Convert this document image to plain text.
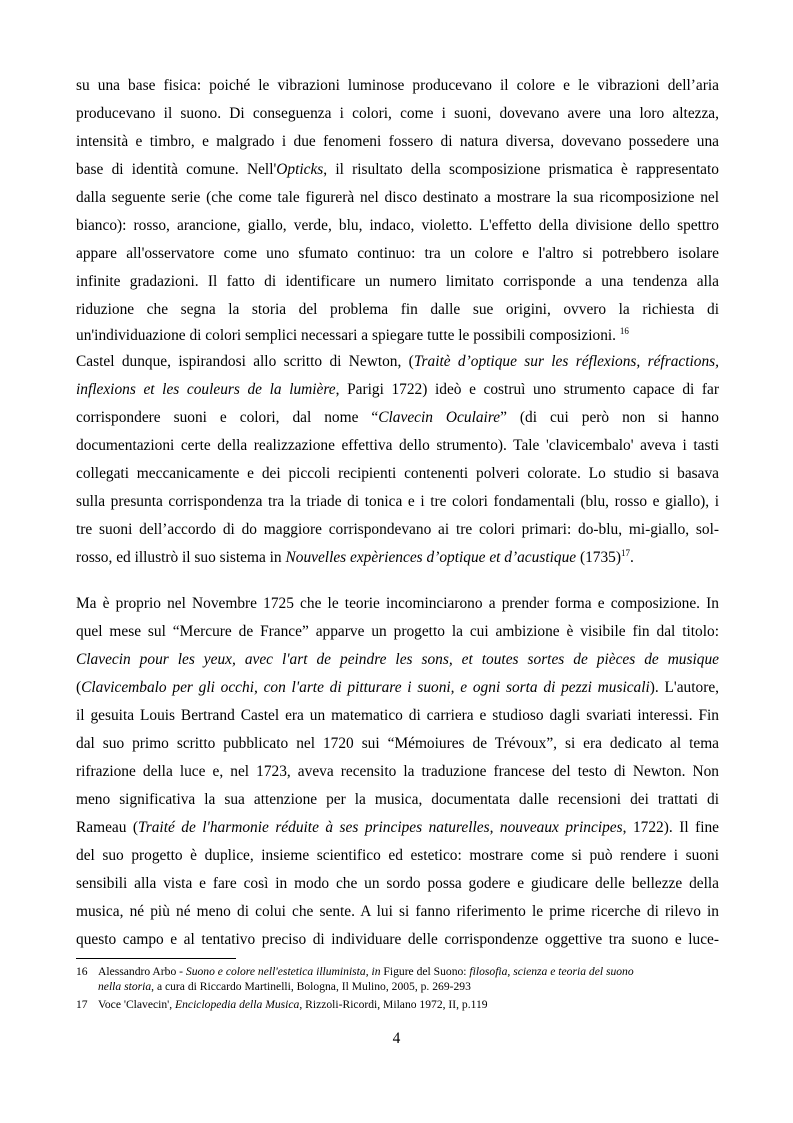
su una base fisica: poiché le vibrazioni luminose producevano il colore e le vibrazioni dell’aria
producevano il suono. Di conseguenza i colori, come i suoni, dovevano avere una loro altezza,
intensità e timbro, e malgrado i due fenomeni fossero di natura diversa, dovevano possedere una
base di identità comune. Nell'Opticks, il risultato della scomposizione prismatica è rappresentato
dalla seguente serie (che come tale figurerà nel disco destinato a mostrare la sua ricomposizione nel
bianco): rosso, arancione, giallo, verde, blu, indaco, violetto. L'effetto della divisione dello spettro
appare all'osservatore come uno sfumato continuo: tra un colore e l'altro si potrebbero isolare
infinite gradazioni. Il fatto di identificare un numero limitato corrisponde a una tendenza alla
riduzione che segna la storia del problema fin dalle sue origini, ovvero la richiesta di
un'individuazione di colori semplici necessari a spiegare tutte le possibili composizioni. $^{16}$
Castel dunque, ispirandosi allo scritto di Newton, (Traitè d’optique sur les réflexions, réfractions,
inflexions et les couleurs de la lumière, Parigi 1722) ideò e costruì uno strumento capace di far
corrispondere suoni e colori, dal nome “Clavecin Oculaire” (di cui però non si hanno
documentazioni certe della realizzazione effettiva dello strumento). Tale 'clavicembalo' aveva i tasti
collegati meccanicamente e dei piccoli recipienti contenenti polveri colorate. Lo studio si basava
sulla presunta corrispondenza tra la triade di tonica e i tre colori fondamentali (blu, rosso e giallo), i
tre suoni dell’accordo di do maggiore corrispondevano ai tre colori primari: do-blu, mi-giallo, sol-
rosso, ed illustrò il suo sistema in Nouvelles expèriences d’optique et d’acustique $(1735)^{17}$.
Ma è proprio nel Novembre 1725 che le teorie incominciarono a prender forma e composizione. In
quel mese sul “Mercure de France” apparve un progetto la cui ambizione è visibile fin dal titolo:
Clavecin pour les yeux, avec l'art de peindre les sons, et toutes sortes de pièces de musique
(Clavicembalo per gli occhi, con l'arte di pitturare i suoni, e ogni sorta di pezzi musicali). L'autore,
il gesuita Louis Bertrand Castel era un matematico di carriera e studioso dagli svariati interessi. Fin
dal suo primo scritto pubblicato nel 1720 sui “Mémoiures de Trévoux”, si era dedicato al tema
rifrazione della luce e, nel 1723, aveva recensito la traduzione francese del testo di Newton. Non
meno significativa la sua attenzione per la musica, documentata dalle recensioni dei trattati di
Rameau (Traité de l'harmonie réduite à ses principes naturelles, nouveaux principes, 1722). Il fine
del suo progetto è duplice, insieme scientifico ed estetico: mostrare come si può rendere i suoni
sensibili alla vista e fare così in modo che un sordo possa godere e giudicare delle bellezze della
musica, né più né meno di colui che sente. A lui si fanno riferimento le prime ricerche di rilevo in
questo campo e al tentativo preciso di individuare delle corrispondenze oggettive tra suono e luce-
16 Alessandro Arbo - Suono e colore nell'estetica illuminista, in Figure del Suono: filosofia, scienza e teoria del suono
nella storia, a cura di Riccardo Martinelli, Bologna, Il Mulino, 2005, p. 269-293
17 Voce 'Clavecin', Enciclopedia della Musica, Rizzoli-Ricordi, Milano 1972, II, p.119
4
